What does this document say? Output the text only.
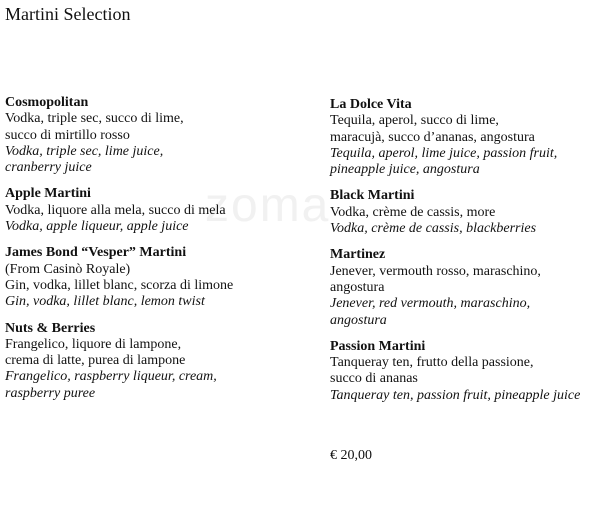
Martini Selection
zoma
Cosmopolitan
Vodka, triple sec, succo di lime,
succo di mirtillo rosso
Vodka, triple sec, lime juice,
cranberry juice
Apple Martini
Vodka, liquore alla mela, succo di mela
Vodka, apple liqueur, apple juice
James Bond “Vesper” Martini
(From Casinò Royale)
Gin, vodka, lillet blanc, scorza di limone
Gin, vodka, lillet blanc, lemon twist
Nuts & Berries
Frangelico, liquore di lampone,
crema di latte, purea di lampone
Frangelico, raspberry liqueur, cream,
raspberry puree
La Dolce Vita
Tequila, aperol, succo di lime,
maracujà, succo d’ananas, angostura
Tequila, aperol, lime juice, passion fruit,
pineapple juice, angostura
Black Martini
Vodka, crème de cassis, more
Vodka, crème de cassis, blackberries
Martinez
Jenever, vermouth rosso, maraschino,
angostura
Jenever, red vermouth, maraschino,
angostura
Passion Martini
Tanqueray ten, frutto della passione,
succo di ananas
Tanqueray ten, passion fruit, pineapple juice
€ 20,00
